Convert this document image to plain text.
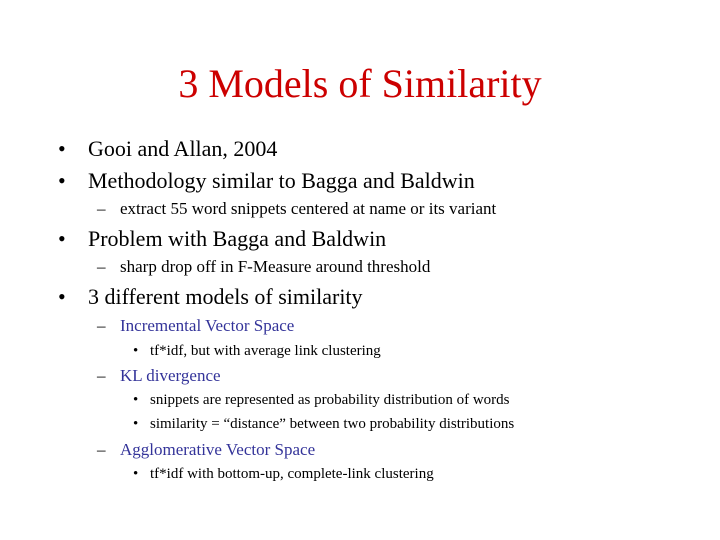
3 Models of Similarity
• Gooi and Allan, 2004
• Methodology similar to Bagga and Baldwin
– extract 55 word snippets centered at name or its variant
• Problem with Bagga and Baldwin
– sharp drop off in F-Measure around threshold
• 3 different models of similarity
– Incremental Vector Space
• tf*idf, but with average link clustering
– KL divergence
• snippets are represented as probability distribution of words
• similarity = “distance” between two probability distributions
– Agglomerative Vector Space
• tf*idf with bottom-up, complete-link clustering
